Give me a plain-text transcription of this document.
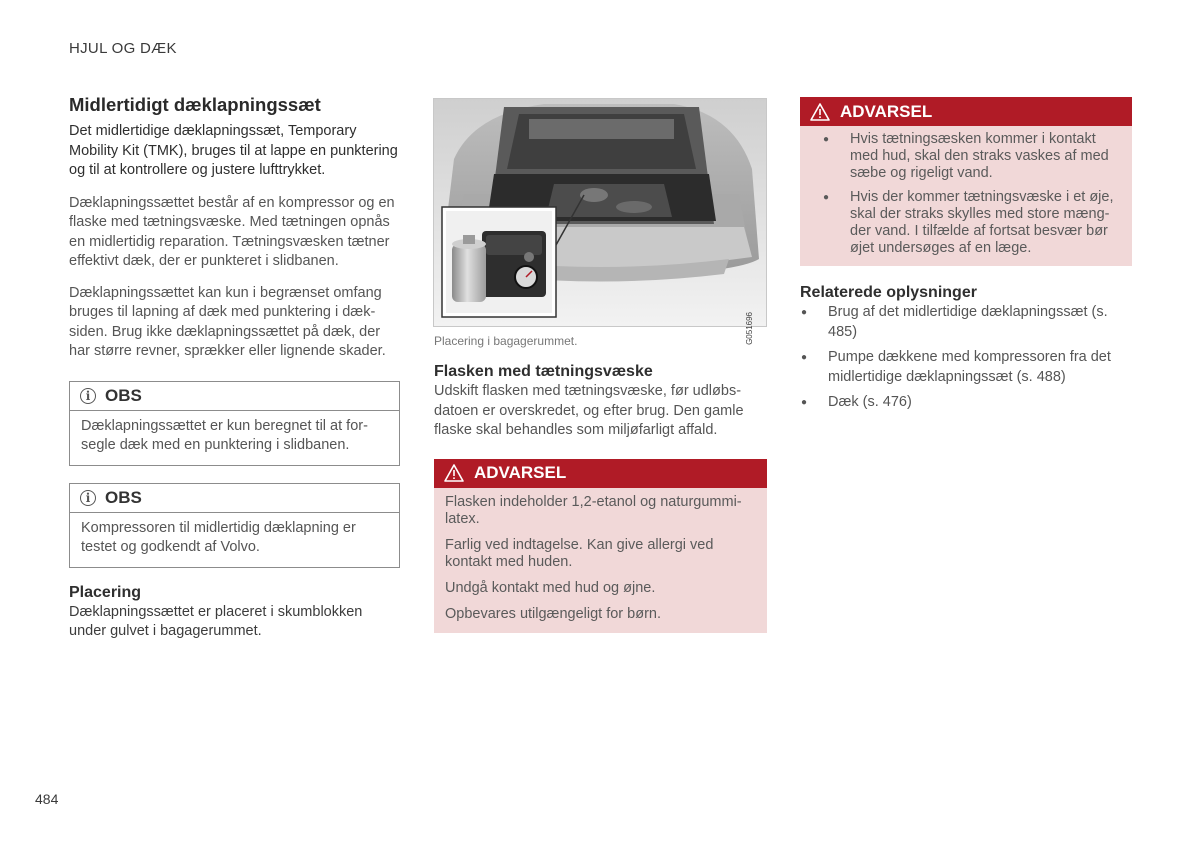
HJUL OG DÆK
Midlertidigt dæklapningssæt

Det midlertidige dæklapningssæt, Temporary Mobility Kit (TMK), bruges til at lappe en punktering og til at kontrollere og justere lufttrykket.

Dæklapningssættet består af en kompressor og en flaske med tætningsvæske. Med tætningen opnås en midlertidig reparation. Tætningsvæsken tætner effektivt dæk, der er punkteret i slidbanen.

Dæklapningssættet kan kun i begrænset omfang bruges til lapning af dæk med punktering i dæksiden. Brug ikke dæklapningssættet på dæk, der har større revner, sprækker eller lignende skader.

i OBS
Dæklapningssættet er kun beregnet til at forsegle dæk med en punktering i slidbanen.
i OBS
Kompressoren til midlertidig dæklapning er testet og godkendt af Volvo.
Placering

Dæklapningssættet er placeret i skumblokken under gulvet i bagagerummet.

G051696
Placering i bagagerummet.
Flasken med tætningsvæske

Udskift flasken med tætningsvæske, før udløbsdatoen er overskredet, og efter brug. Den gamle flaske skal behandles som miljøfarligt affald.

ADVARSEL

Flasken indeholder 1,2-etanol og naturgummi-latex.

Farlig ved indtagelse. Kan give allergi ved kontakt med huden.

Undgå kontakt med hud og øjne.

Opbevares utilgængeligt for børn.

ADVARSEL
● Hvis tætningsæsken kommer i kontakt med hud, skal den straks vaskes af med sæbe og rigeligt vand.
● Hvis der kommer tætningsvæske i et øje, skal der straks skylles med store mængder vand. I tilfælde af fortsat besvær bør øjet undersøges af en læge.
Relaterede oplysninger
● Brug af det midlertidige dæklapningssæt (s. 485)
● Pumpe dækkene med kompressoren fra det midlertidige dæklapningssæt (s. 488)
● Dæk (s. 476)
484
